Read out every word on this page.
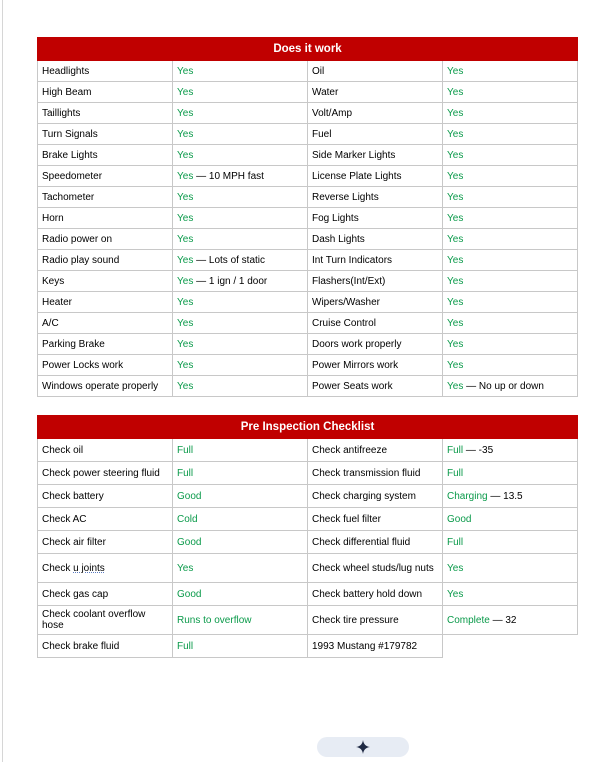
Does it work			
Headlights	Yes	Oil	Yes
High Beam	Yes	Water	Yes
Taillights	Yes	Volt/Amp	Yes
Turn Signals	Yes	Fuel	Yes
Brake Lights	Yes	Side Marker Lights	Yes
Speedometer	Yes — 10 MPH fast	License Plate Lights	Yes
Tachometer	Yes	Reverse Lights	Yes
Horn	Yes	Fog Lights	Yes
Radio power on	Yes	Dash Lights	Yes
Radio play sound	Yes — Lots of static	Int Turn Indicators	Yes
Keys	Yes — 1 ign / 1 door	Flashers(Int/Ext)	Yes
Heater	Yes	Wipers/Washer	Yes
A/C	Yes	Cruise Control	Yes
Parking Brake	Yes	Doors work properly	Yes
Power Locks work	Yes	Power Mirrors work	Yes
Windows operate properly	Yes	Power Seats work	Yes — No up or down
Pre Inspection Checklist			
Check oil	Full	Check antifreeze	Full — -35
Check power steering fluid	Full	Check transmission fluid	Full
Check battery	Good	Check charging system	Charging — 13.5
Check AC	Cold	Check fuel filter	Good
Check air filter	Good	Check differential fluid	Full
Check u joints	Yes	Check wheel studs/lug nuts	Yes
Check gas cap	Good	Check battery hold down	Yes
Check coolant overflow hose	Runs to overflow	Check tire pressure	Complete — 32
Check brake fluid	Full	1993 Mustang #179782	
